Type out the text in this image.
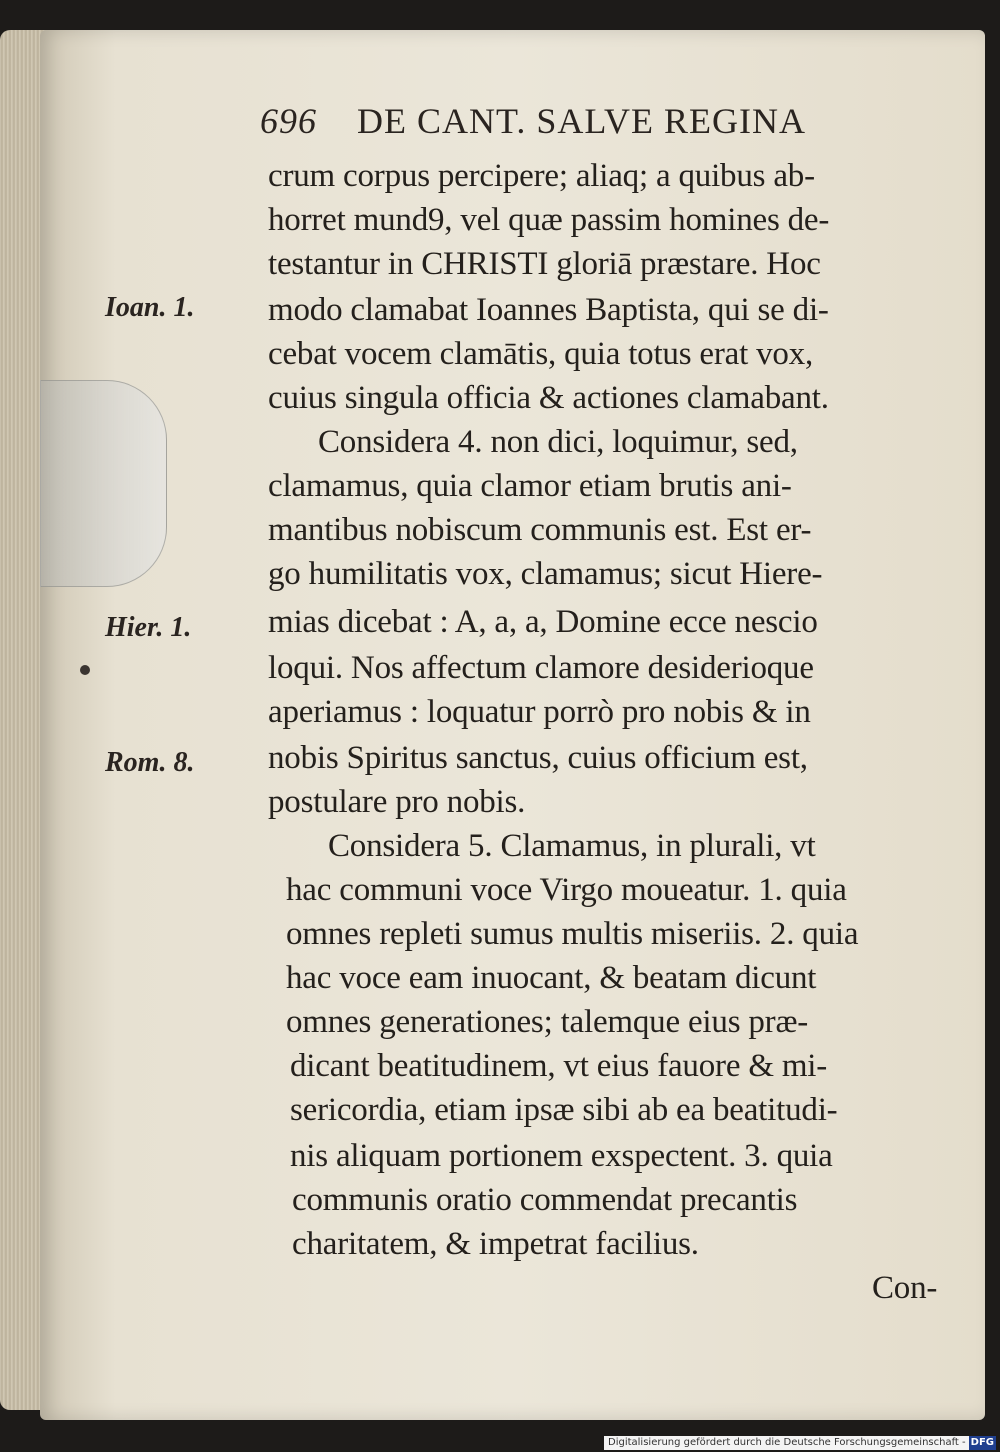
696 DE CANT. SALVE REGINA
Ioan. 1.
Hier. 1.
Rom. 8.
crum corpus percipere; aliaq; a quibus ab-
horret mund9, vel quæ passim homines de-
testantur in CHRISTI gloriā præstare. Hoc
modo clamabat Ioannes Baptista, qui se di-
cebat vocem clamātis, quia totus erat vox,
cuius singula officia & actiones clamabant.
Considera 4. non dici, loquimur, sed,
clamamus, quia clamor etiam brutis ani-
mantibus nobiscum communis est. Est er-
go humilitatis vox, clamamus; sicut Hiere-
mias dicebat : A, a, a, Domine ecce nescio
loqui. Nos affectum clamore desiderioque
aperiamus : loquatur porrò pro nobis & in
nobis Spiritus sanctus, cuius officium est,
postulare pro nobis.
Considera 5. Clamamus, in plurali, vt
hac communi voce Virgo moueatur. 1. quia
omnes repleti sumus multis miseriis. 2. quia
hac voce eam inuocant, & beatam dicunt
omnes generationes; talemque eius præ-
dicant beatitudinem, vt eius fauore & mi-
sericordia, etiam ipsæ sibi ab ea beatitudi-
nis aliquam portionem exspectent. 3. quia
communis oratio commendat precantis
charitatem, & impetrat facilius.
Con-
Digitalisierung gefördert durch die Deutsche Forschungsgemeinschaft - DFG
